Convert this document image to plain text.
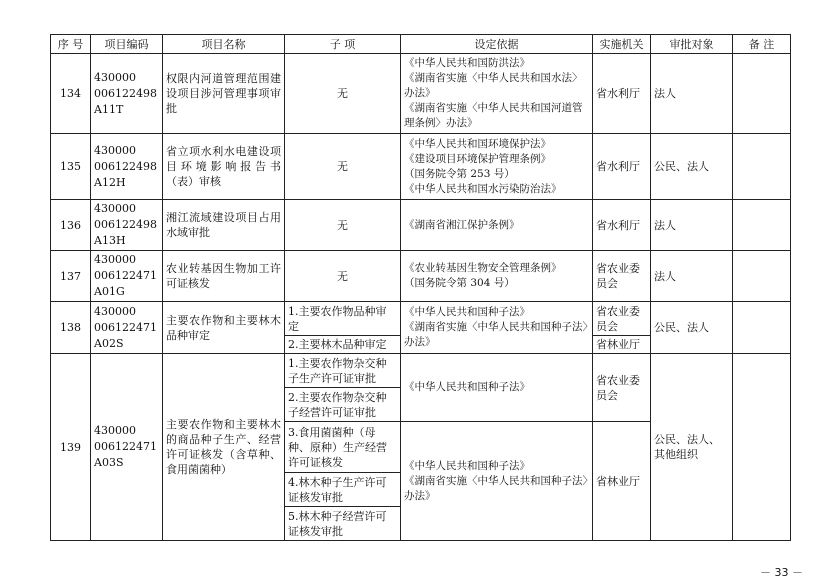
序 号	项目编码	项目名称	子 项	设定依据	实施机关	审批对象	备 注
134	430000
006122498
A11T	权限内河道管理范围建设项目涉河管理事项审批	无	《中华人民共和国防洪法》
《湖南省实施〈中华人民共和国水法〉办法》
《湖南省实施〈中华人民共和国河道管理条例〉办法》	省水利厅	法人	
135	430000
006122498
A12H	省立项水利水电建设项目环境影响报告书（表）审核	无	《中华人民共和国环境保护法》
《建设项目环境保护管理条例》
（国务院令第 253 号）
《中华人民共和国水污染防治法》	省水利厅	公民、法人	
136	430000
006122498
A13H	湘江流域建设项目占用水域审批	无	《湖南省湘江保护条例》	省水利厅	法人	
137	430000
006122471
A01G	农业转基因生物加工许可证核发	无	《农业转基因生物安全管理条例》
（国务院令第 304 号）	省农业委员会	法人	
138	430000
006122471
A02S	主要农作物和主要林木品种审定	1.主要农作物品种审定	《中华人民共和国种子法》
《湖南省实施〈中华人民共和国种子法〉办法》	省农业委员会	公民、法人	
			2.主要林木品种审定		省林业厅		
139	430000
006122471
A03S	主要农作物和主要林木的商品种子生产、经营许可证核发（含草种、食用菌菌种）	1.主要农作物杂交种子生产许可证审批	《中华人民共和国种子法》	省农业委员会	公民、法人、其他组织	
			2.主要农作物杂交种子经营许可证审批				
			3.食用菌菌种（母种、原种）生产经营许可证核发	《中华人民共和国种子法》
《湖南省实施〈中华人民共和国种子法〉办法》	省林业厅		
			4.林木种子生产许可证核发审批				
			5.林木种子经营许可证核发审批				
－ 33 －
